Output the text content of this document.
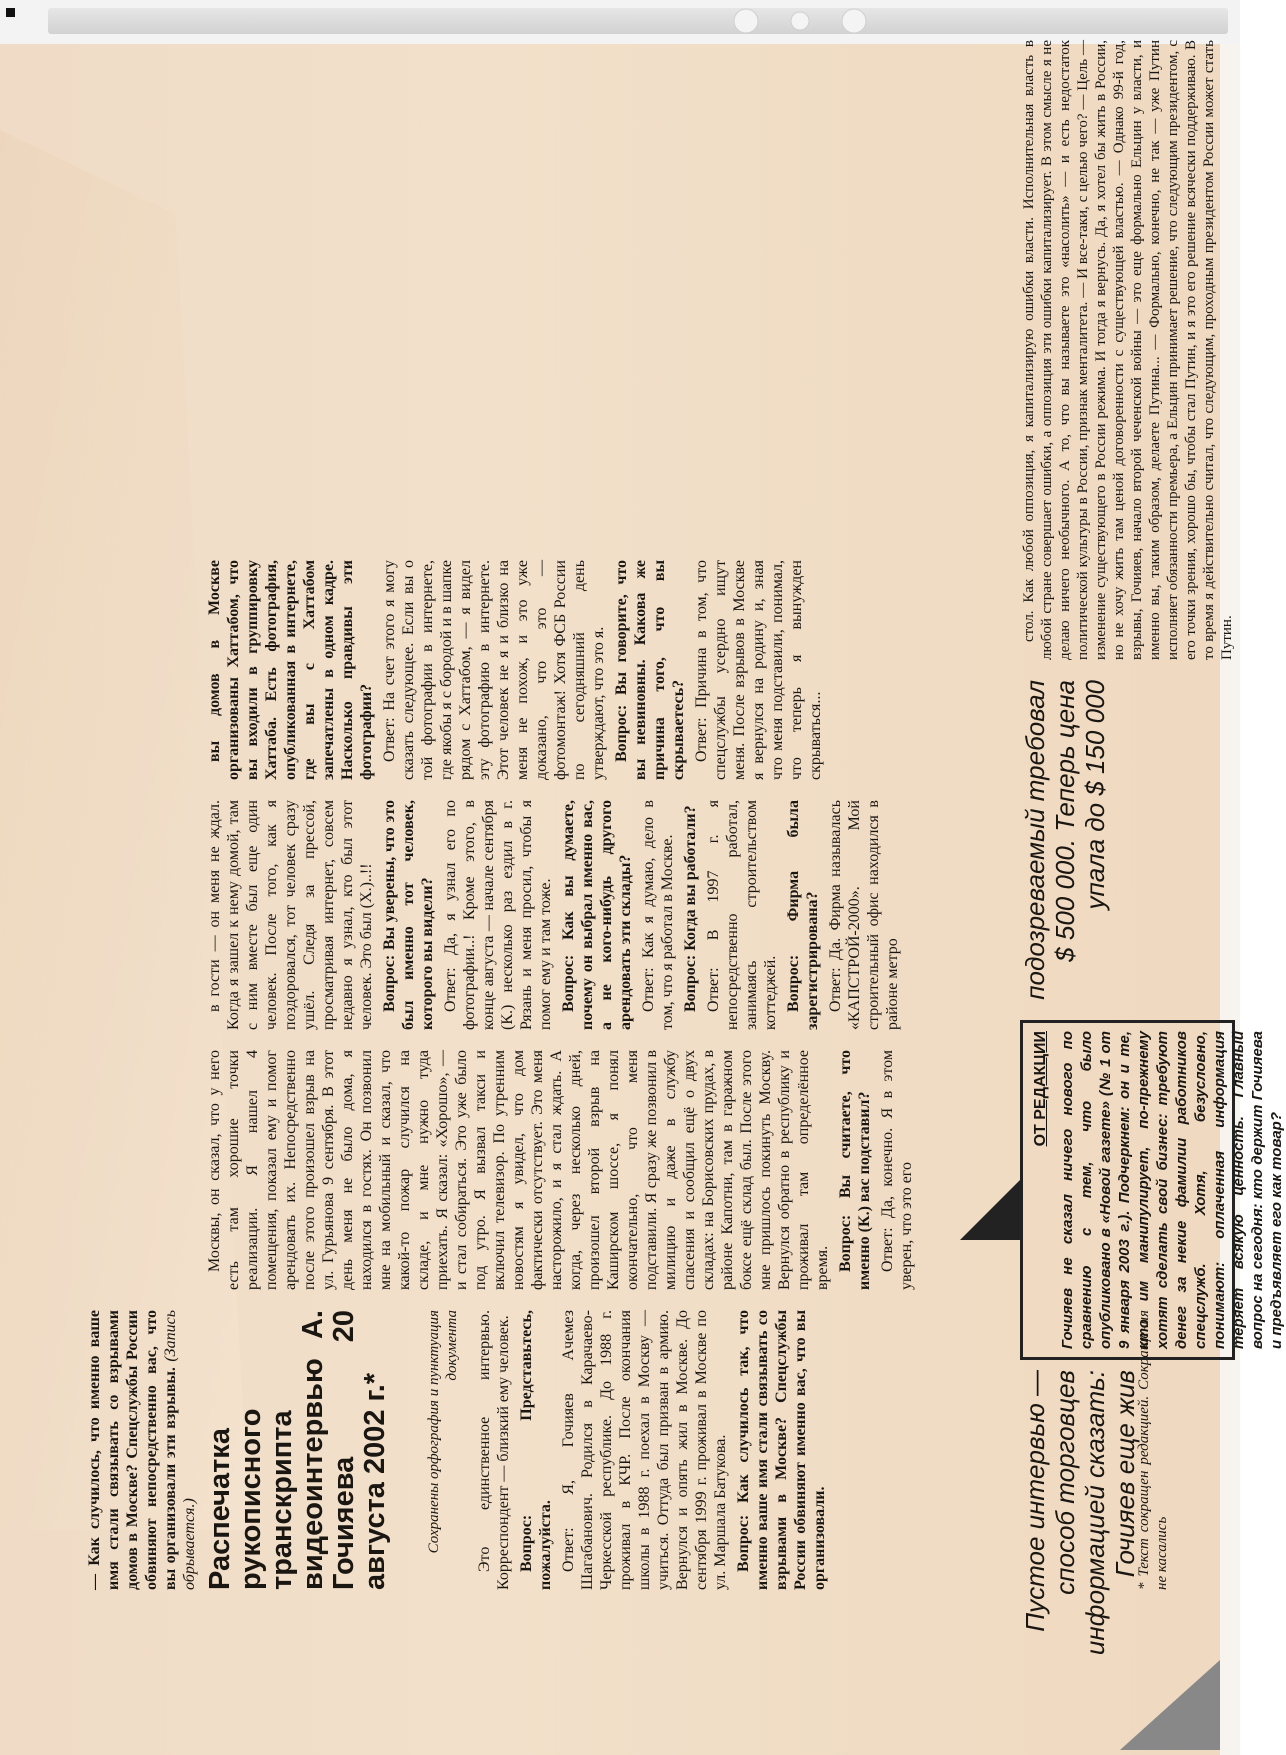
Распечатка рукописного транскрипта видеоинтервью А. Гочияева 20 августа 2002 г.* Сохранены орфография и пунктуация документа Это единственное интервью. Корреспондент — близкий ему человек. Вопрос: Представьтесь, пожалуйста. Ответ: Я, Гочияев Ачемез Шагабанович. Родился в Карачаево-Черкесской республике. До 1988 г. проживал в КЧР. После окончания школы в 1988 г. поехал в Москву — учиться. Оттуда был призван в армию. Вернулся и опять жил в Москве. До сентября 1999 г. проживал в Москве по ул. Маршала Батукова. Вопрос: Как случилось так, что именно ваше имя стали связывать со взрывами в Москве? Спецслужбы России обвиняют именно вас, что вы организовали.	* Текст сокращен редакцией. Сокращения не касались
— Как случилось, что именно ваше имя стали связывать со взрывами домов в Москве? Спецслужбы России обвиняют непосредственно вас, что вы организовали эти взрывы. (Запись обрывается.)

Москвы, он сказал, что у него есть там хорошие точки реализации. Я нашел 4 помещения, показал ему и помог арендовать их. Непосредственно после этого произошел взрыв на ул. Гурьянова 9 сентября. В этот день меня не было дома, я находился в гостях. Он позвонил мне на мобильный и сказал, что какой-то пожар случился на складе, и мне нужно туда приехать. Я сказал: «Хорошо», — и стал собираться. Это уже было под утро. Я вызвал такси и включил телевизор. По утренним новостям я увидел, что дом фактически отсутствует. Это меня насторожило, и я стал ждать. А когда, через несколько дней, произошел второй взрыв на Каширском шоссе, я понял окончательно, что меня подставили. Я сразу же позвонил в милицию и даже в службу спасения и сообщил ещё о двух складах: на Борисовских прудах, в районе Капотни, там в гаражном боксе ещё склад был. После этого мне пришлось покинуть Москву. Вернулся обратно в республику и проживал там определённое время. Вопрос: Вы считаете, что именно (К.) вас подставил? Ответ: Да, конечно. Я в этом уверен, что это его

в гости — он меня не ждал. Когда я зашел к нему домой, там с ним вместе был еще один человек. После того, как я поздоровался, тот человек сразу ушёл. Следя за прессой, просматривая интернет, совсем недавно я узнал, кто был этот человек. Это был (Х.)..!! Вопрос: Вы уверены, что это был именно тот человек, которого вы видели? Ответ: Да, я узнал его по фотографии..! Кроме этого, в конце августа — начале сентября (К.) несколько раз ездил в г. Рязань и меня просил, чтобы я помог ему и там тоже. Вопрос: Как вы думаете, почему он выбрал именно вас, а не кого-нибудь другого арендовать эти склады? Ответ: Как я думаю, дело в том, что я работал в Москве. Вопрос: Когда вы работали? Ответ: В 1997 г. я непосредственно работал, занимаясь строительством коттеджей. Вопрос: Фирма была зарегистрирована? Ответ: Да. Фирма называлась «КАПСТРОЙ-2000». Мой строительный офис находился в районе метро

вы домов в Москве организованы Хаттабом, что вы входили в группировку Хаттаба. Есть фотография, опубликованная в интернете, где вы с Хаттабом запечатлены в одном кадре. Насколько правдивы эти фотографии? Ответ: На счет этого я могу сказать следующее. Если вы о той фотографии в интернете, где якобы я с бородой и в шапке рядом с Хаттабом, — я видел эту фотографию в интернете. Этот человек не я и близко на меня не похож, и это уже доказано, что это — фотомонтаж! Хотя ФСБ России по сегодняшний день утверждают, что это я. Вопрос: Вы говорите, что вы невиновны. Какова же причина того, что вы скрываетесь? Ответ: Причина в том, что спецслужбы усердно ищут меня. После взрывов в Москве я вернулся на родину и, зная что меня подставили, понимал, что теперь я вынужден скрываться...

Пустое интервью — способ торговцев информацией сказать: Гочияев еще жив
ОТ РЕДАКЦИИ Гочияев не сказал ничего нового по сравнению с тем, что было опубликовано в «Новой газете» (№ 1 от 9 января 2003 г.). Подчеркнем: он и те, кто им манипулирует, по-прежнему хотят сделать свой бизнес: требуют денег за некие фамилии работников спецслужб. Хотя, безусловно, понимают: оплаченная информация теряет всякую ценность. Главный вопрос на сегодня: кто держит Гочияева и предъявляет его как товар?
подозреваемый требовал $ 500 000. Теперь цена упала до $ 150 000

стол. Как любой оппозиция, я капитализирую ошибки власти. Исполнительная власть в любой стране совершает ошибки, а оппозиция эти ошибки капитализирует. В этом смысле я не делаю ничего необычного. А то, что вы называете это «насолить» — и есть недостаток политической культуры в России, признак менталитета. — И все-таки, с целью чего? — Цель — изменение существующего в России режима. И тогда я вернусь. Да, я хотел бы жить в России, но не хочу жить там ценой договоренности с существующей властью. — Однако 99-й год, взрывы, Гочияев, начало второй чеченской войны — это еще формально Ельцин у власти, и именно вы, таким образом, делаете Путина... — Формально, конечно, не так — уже Путин исполняет обязанности премьера, а Ельцин принимает решение, что следующим президентом, с его точки зрения, хорошо бы, чтобы стал Путин, и я это его решение всячески поддерживаю. В то время я действительно считал, что следующим, проходным президентом России может стать Путин.
